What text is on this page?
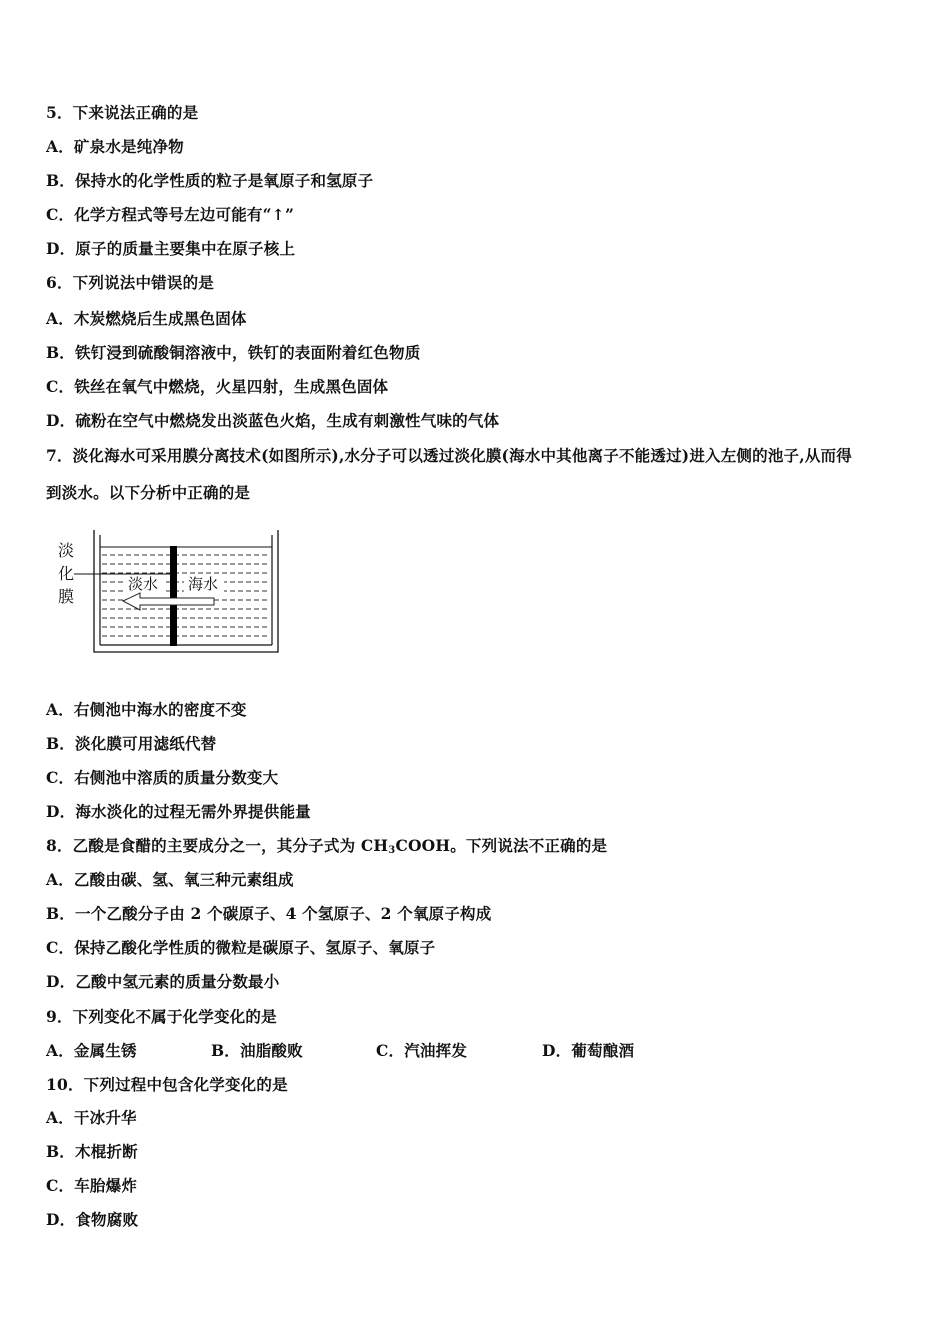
5．下来说法正确的是
A．矿泉水是纯净物
B．保持水的化学性质的粒子是氧原子和氢原子
C．化学方程式等号左边可能有“↑”
D．原子的质量主要集中在原子核上
6．下列说法中错误的是
A．木炭燃烧后生成黑色固体
B．铁钉浸到硫酸铜溶液中，铁钉的表面附着红色物质
C．铁丝在氧气中燃烧，火星四射，生成黑色固体
D．硫粉在空气中燃烧发出淡蓝色火焰，生成有刺激性气味的气体
7．淡化海水可采用膜分离技术(如图所示),水分子可以透过淡化膜(海水中其他离子不能透过)进入左侧的池子,从而得
到淡水。以下分析中正确的是
淡水 海水
淡
化
膜
A．右侧池中海水的密度不变
B．淡化膜可用滤纸代替
C．右侧池中溶质的质量分数变大
D．海水淡化的过程无需外界提供能量
8．乙酸是食醋的主要成分之一，其分子式为 $CH_3COOH$。下列说法不正确的是
A．乙酸由碳、氢、氧三种元素组成
B．一个乙酸分子由 2 个碳原子、4 个氢原子、2 个氧原子构成
C．保持乙酸化学性质的微粒是碳原子、氢原子、氧原子
D．乙酸中氢元素的质量分数最小
9．下列变化不属于化学变化的是
A．金属生锈	B．油脂酸败	C．汽油挥发	D．葡萄酿酒
10．下列过程中包含化学变化的是
A．干冰升华
B．木棍折断
C．车胎爆炸
D．食物腐败
